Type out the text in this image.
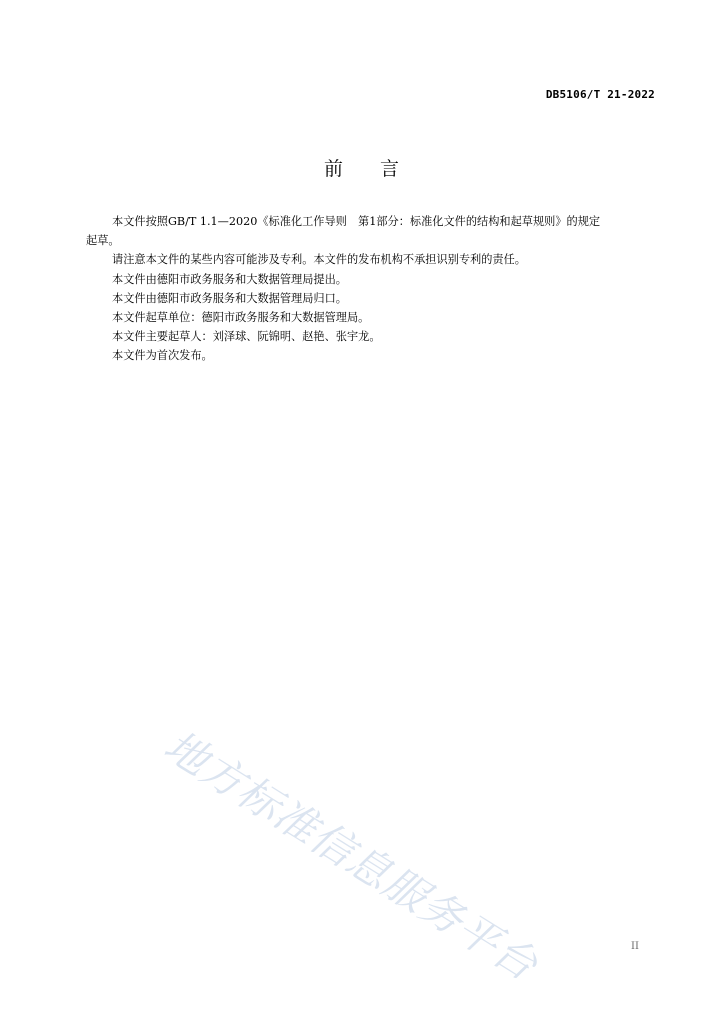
DB5106/T 21-2022
前 言

本文件按照GB/T 1.1—2020《标准化工作导则　第1部分：标准化文件的结构和起草规则》的规定

起草。

请注意本文件的某些内容可能涉及专利。本文件的发布机构不承担识别专利的责任。

本文件由德阳市政务服务和大数据管理局提出。

本文件由德阳市政务服务和大数据管理局归口。

本文件起草单位：德阳市政务服务和大数据管理局。

本文件主要起草人：刘泽球、阮锦明、赵艳、张宇龙。

本文件为首次发布。

地方标准信息服务平台	II
